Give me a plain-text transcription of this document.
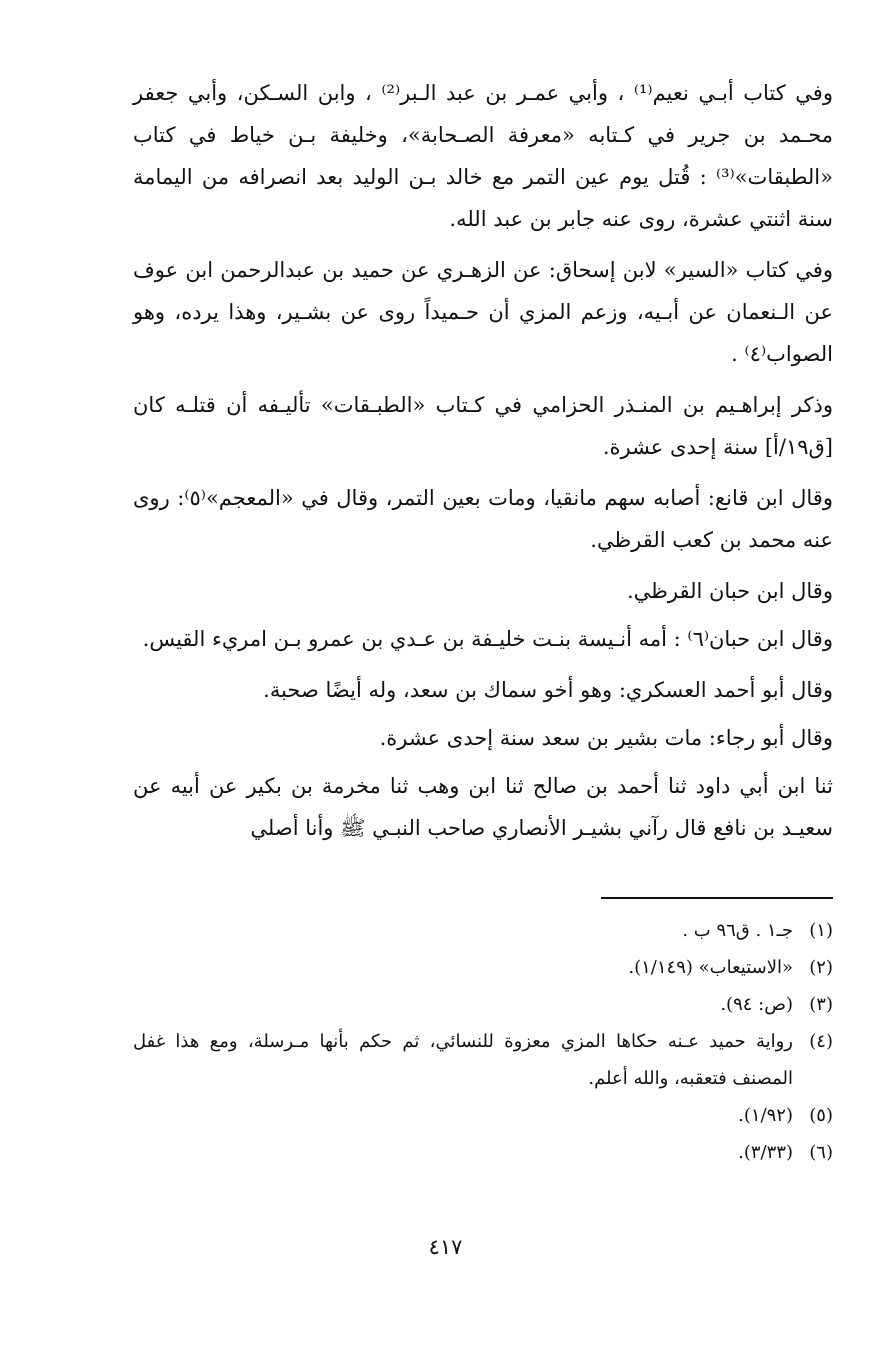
وفي كتاب أبـي نعيم⁽¹⁾ ، وأبي عمـر بن عبد الـبر⁽²⁾ ، وابن السـكن، وأبي جعفر محـمد بن جرير في كـتابه «معرفة الصـحابة»، وخليفة بـن خياط في كتاب «الطبقات»⁽³⁾ : قُتل يوم عين التمر مع خالد بـن الوليد بعد انصرافه من اليمامة سنة اثنتي عشرة، روى عنه جابر بن عبد الله.

وفي كتاب «السير» لابن إسحاق: عن الزهـري عن حميد بن عبدالرحمن ابن عوف عن الـنعمان عن أبـيه، وزعم المزي أن حـميداً روى عن بشـير، وهذا يرده، وهو الصواب⁽٤⁾ .

وذكر إبراهـيم بن المنـذر الحزامي في كـتاب «الطبـقات» تأليـفه أن قتلـه كان [ق١٩/أ] سنة إحدى عشرة.

وقال ابن قانع: أصابه سهم مانقيا، ومات بعين التمر، وقال في «المعجم»⁽٥⁾: روى عنه محمد بن كعب القرظي.

وقال ابن حبان القرظي.

وقال ابن حبان⁽٦⁾ : أمه أنـيسة بنـت خليـفة بن عـدي بن عمرو بـن امريء القيس.

وقال أبو أحمد العسكري: وهو أخو سماك بن سعد، وله أيضًا صحبة.

وقال أبو رجاء: مات بشير بن سعد سنة إحدى عشرة.

ثنا ابن أبي داود ثنا أحمد بن صالح ثنا ابن وهب ثنا مخرمة بن بكير عن أبيه عن سعيـد بن نافع قال رآني بشيـر الأنصاري صاحب النبـي ﷺ وأنا أصلي

(١)
جـ١ . ق٩٦ ب .
(٢)
«الاستيعاب» (١/١٤٩).
(٣)
(ص: ٩٤).
(٤)
رواية حميد عـنه حكاها المزي معزوة للنسائي، ثم حكم بأنها مـرسلة، ومع هذا غفل المصنف فتعقبه، والله أعلم.
(٥)
(١/٩٢).
(٦)
(٣/٣٣).
٤١٧
